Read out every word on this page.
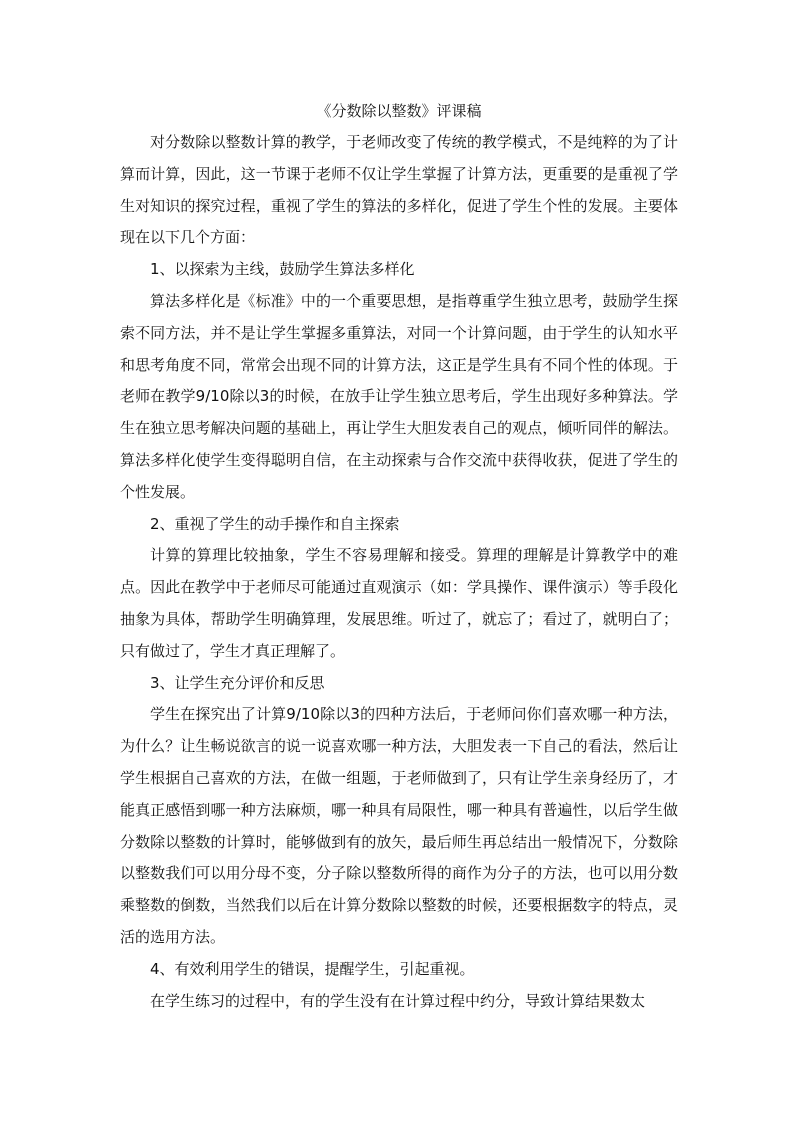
《分数除以整数》评课稿

对分数除以整数计算的教学，于老师改变了传统的教学模式，不是纯粹的为了计算而计算，因此，这一节课于老师不仅让学生掌握了计算方法，更重要的是重视了学生对知识的探究过程，重视了学生的算法的多样化，促进了学生个性的发展。主要体现在以下几个方面：

1、以探索为主线，鼓励学生算法多样化

算法多样化是《标准》中的一个重要思想，是指尊重学生独立思考，鼓励学生探索不同方法，并不是让学生掌握多重算法，对同一个计算问题，由于学生的认知水平和思考角度不同，常常会出现不同的计算方法，这正是学生具有不同个性的体现。于老师在教学9/10除以3的时候，在放手让学生独立思考后，学生出现好多种算法。学生在独立思考解决问题的基础上，再让学生大胆发表自己的观点，倾听同伴的解法。算法多样化使学生变得聪明自信，在主动探索与合作交流中获得收获，促进了学生的个性发展。

2、重视了学生的动手操作和自主探索

计算的算理比较抽象，学生不容易理解和接受。算理的理解是计算教学中的难点。因此在教学中于老师尽可能通过直观演示（如：学具操作、课件演示）等手段化抽象为具体，帮助学生明确算理，发展思维。听过了，就忘了；看过了，就明白了；只有做过了，学生才真正理解了。

3、让学生充分评价和反思

学生在探究出了计算9/10除以3的四种方法后，于老师问你们喜欢哪一种方法，为什么？让生畅说欲言的说一说喜欢哪一种方法，大胆发表一下自己的看法，然后让学生根据自己喜欢的方法，在做一组题，于老师做到了，只有让学生亲身经历了，才能真正感悟到哪一种方法麻烦，哪一种具有局限性，哪一种具有普遍性，以后学生做分数除以整数的计算时，能够做到有的放矢，最后师生再总结出一般情况下，分数除以整数我们可以用分母不变，分子除以整数所得的商作为分子的方法，也可以用分数乘整数的倒数，当然我们以后在计算分数除以整数的时候，还要根据数字的特点，灵活的选用方法。

4、有效利用学生的错误，提醒学生，引起重视。

在学生练习的过程中，有的学生没有在计算过程中约分，导致计算结果数太
